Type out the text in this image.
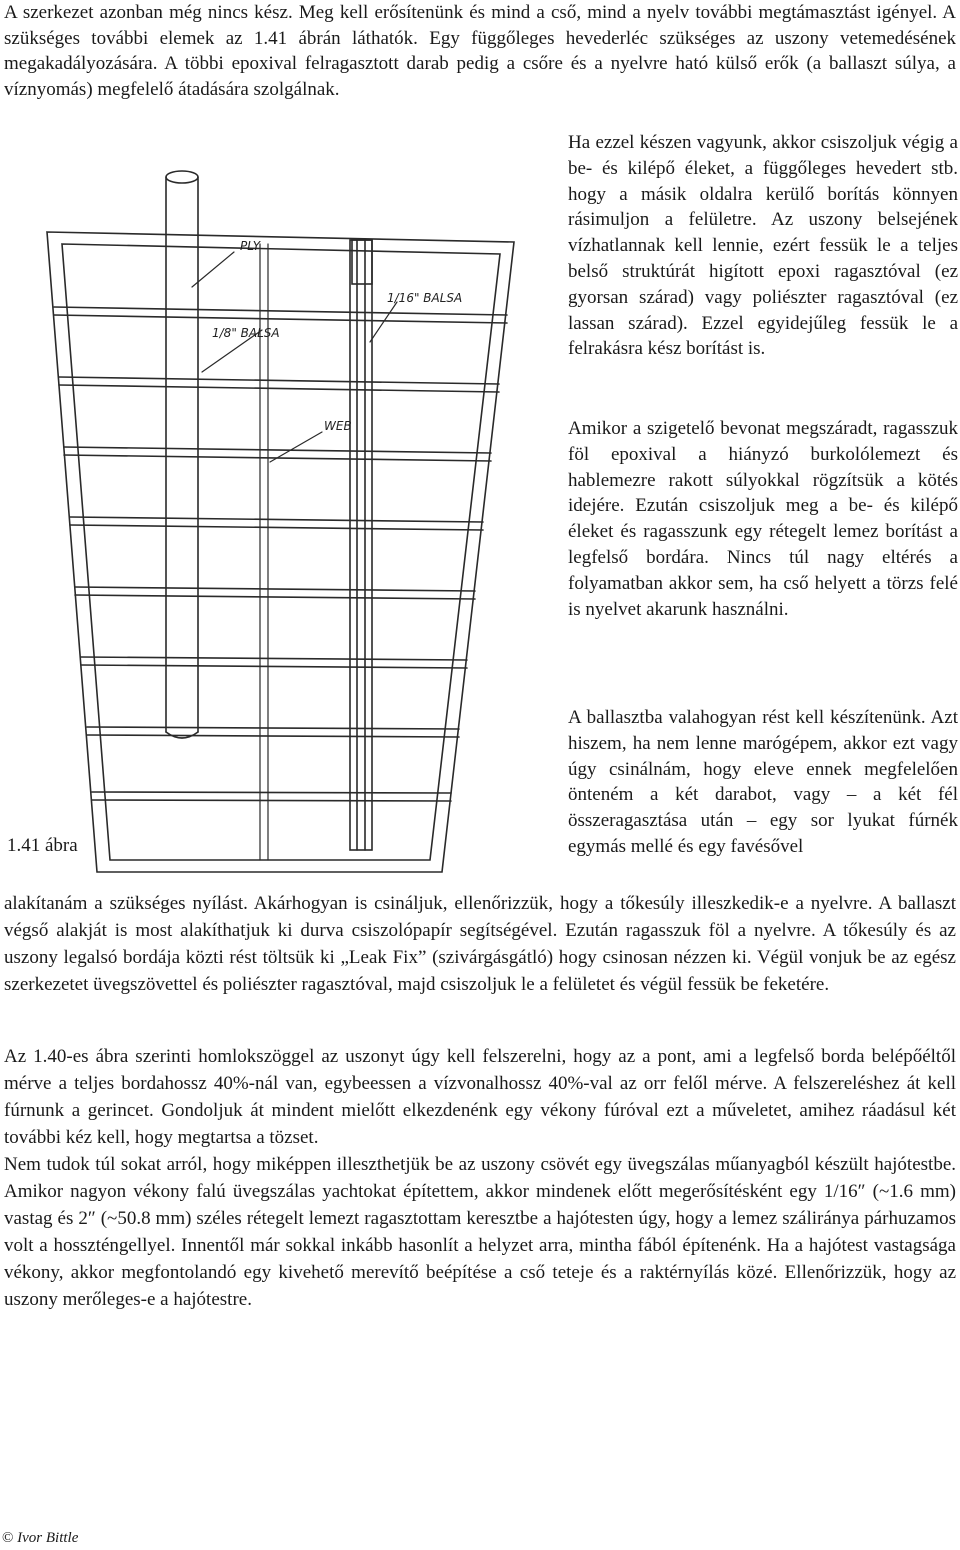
A szerkezet azonban még nincs kész. Meg kell erősítenünk és mind a cső, mind a nyelv további megtámasztást igényel. A szükséges további elemek az 1.41 ábrán láthatók. Egy függőleges hevederléc szükséges az uszony vetemedésének megakadályozására. A többi epoxival felragasztott darab pedig a csőre és a nyelvre ható külső erők (a ballaszt súlya, a víznyomás) megfelelő átadására szolgálnak.

PLY
1/8" BALSA
1/16" BALSA
WEB

Ha ezzel készen vagyunk, akkor csiszoljuk végig a be- és kilépő éleket, a függőleges hevedert stb. hogy a másik oldalra kerülő borítás könnyen rásimuljon a felületre. Az uszony belsejének vízhatlannak kell lennie, ezért fessük le a teljes belső struktúrát higított epoxi ragasztóval (ez gyorsan szárad) vagy poliészter ragasztóval (ez lassan szárad). Ezzel egyidejűleg fessük le a felrakásra kész borítást is.

Amikor a szigetelő bevonat megszáradt, ragasszuk föl epoxival a hiányzó burkolólemezt és hablemezre rakott súlyokkal rögzítsük a kötés idejére. Ezután csiszoljuk meg a be- és kilépő éleket és ragasszunk egy rétegelt lemez borítást a legfelső bordára. Nincs túl nagy eltérés a folyamatban akkor sem, ha cső helyett a törzs felé is nyelvet akarunk használni.

A ballasztba valahogyan rést kell készítenünk. Azt hiszem, ha nem lenne marógépem, akkor ezt vagy úgy csinálnám, hogy eleve ennek megfelelően önteném a két darabot, vagy – a két fél összeragasztása után – egy sor lyukat fúrnék egymás mellé és egy favésővel

1.41 ábra

alakítanám a szükséges nyílást. Akárhogyan is csináljuk, ellenőrizzük, hogy a tőkesúly illeszkedik-e a nyelvre. A ballaszt végső alakját is most alakíthatjuk ki durva csiszolópapír segítségével. Ezután ragasszuk föl a nyelvre. A tőkesúly és az uszony legalsó bordája közti rést töltsük ki „Leak Fix” (szivárgásgátló) hogy csinosan nézzen ki. Végül vonjuk be az egész szerkezetet üvegszövettel és poliészter ragasztóval, majd csiszoljuk le a felületet és végül fessük be feketére.

Az 1.40-es ábra szerinti homlokszöggel az uszonyt úgy kell felszerelni, hogy az a pont, ami a legfelső borda belépőéltől mérve a teljes bordahossz 40%-nál van, egybeessen a vízvonalhossz 40%-val az orr felől mérve. A felszereléshez át kell fúrnunk a gerincet. Gondoljuk át mindent mielőtt elkezdenénk egy vékony fúróval ezt a műveletet, amihez ráadásul két további kéz kell, hogy megtartsa a tözset.

Nem tudok túl sokat arról, hogy miképpen illeszthetjük be az uszony csövét egy üvegszálas műanyagból készült hajótestbe. Amikor nagyon vékony falú üvegszálas yachtokat építettem, akkor mindenek előtt megerősítésként egy 1/16″ (~1.6 mm) vastag és 2″ (~50.8 mm) széles rétegelt lemezt ragasztottam keresztbe a hajótesten úgy, hogy a lemez száliránya párhuzamos volt a hosszténgellyel. Innentől már sokkal inkább hasonlít a helyzet arra, mintha fából építenénk. Ha a hajótest vastagsága vékony, akkor megfontolandó egy kivehető merevítő beépítése a cső teteje és a raktérnyílás közé. Ellenőrizzük, hogy az uszony merőleges-e a hajótestre.

© Ivor Bittle
